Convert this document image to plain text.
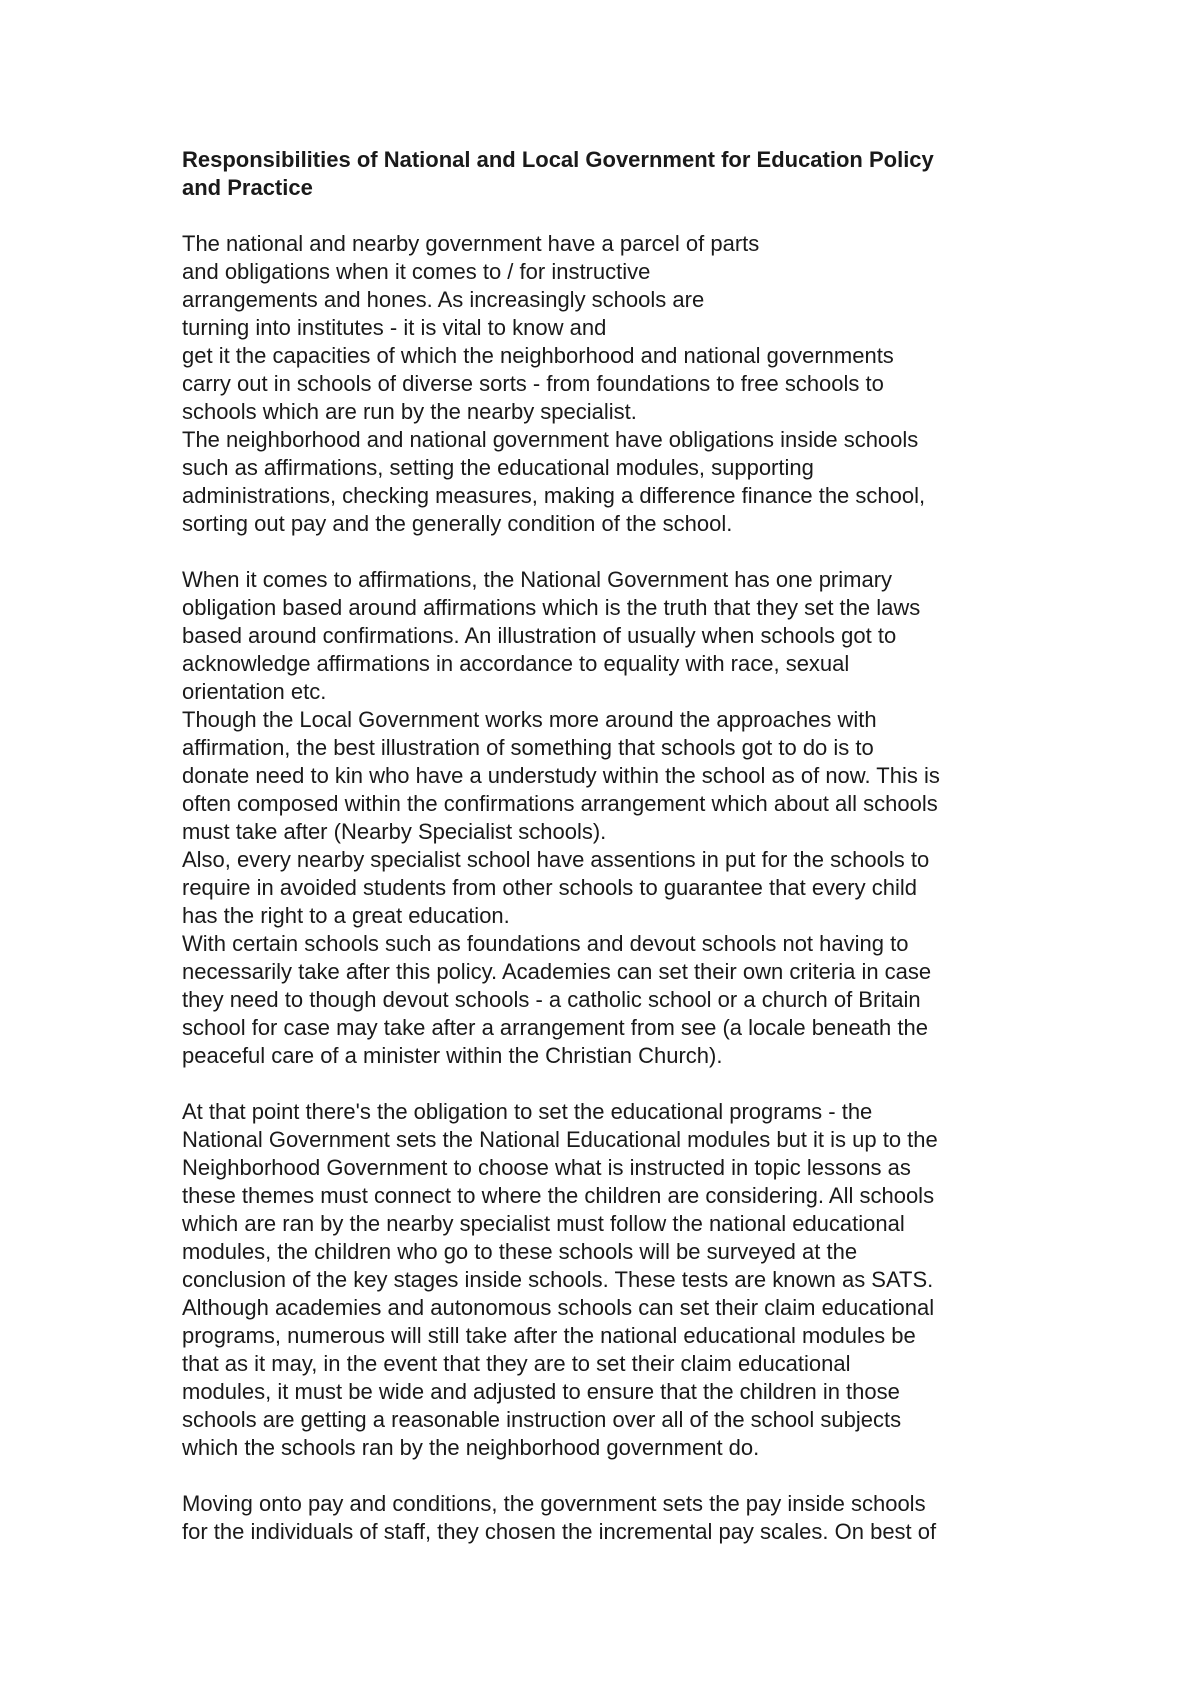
Responsibilities of National and Local Government for Education Policy
and Practice
The national and nearby government have a parcel of parts
and obligations when it comes to / for instructive
arrangements and hones. As increasingly schools are
turning into institutes - it is vital to know and
get it the capacities of which the neighborhood and national governments
carry out in schools of diverse sorts - from foundations to free schools to
schools which are run by the nearby specialist.
The neighborhood and national government have obligations inside schools
such as affirmations, setting the educational modules, supporting
administrations, checking measures, making a difference finance the school,
sorting out pay and the generally condition of the school.
When it comes to affirmations, the National Government has one primary
obligation based around affirmations which is the truth that they set the laws
based around confirmations. An illustration of usually when schools got to
acknowledge affirmations in accordance to equality with race, sexual
orientation etc.
Though the Local Government works more around the approaches with
affirmation, the best illustration of something that schools got to do is to
donate need to kin who have a understudy within the school as of now. This is
often composed within the confirmations arrangement which about all schools
must take after (Nearby Specialist schools).
Also, every nearby specialist school have assentions in put for the schools to
require in avoided students from other schools to guarantee that every child
has the right to a great education.
With certain schools such as foundations and devout schools not having to
necessarily take after this policy. Academies can set their own criteria in case
they need to though devout schools - a catholic school or a church of Britain
school for case may take after a arrangement from see (a locale beneath the
peaceful care of a minister within the Christian Church).
At that point there's the obligation to set the educational programs - the
National Government sets the National Educational modules but it is up to the
Neighborhood Government to choose what is instructed in topic lessons as
these themes must connect to where the children are considering. All schools
which are ran by the nearby specialist must follow the national educational
modules, the children who go to these schools will be surveyed at the
conclusion of the key stages inside schools. These tests are known as SATS.
Although academies and autonomous schools can set their claim educational
programs, numerous will still take after the national educational modules be
that as it may, in the event that they are to set their claim educational
modules, it must be wide and adjusted to ensure that the children in those
schools are getting a reasonable instruction over all of the school subjects
which the schools ran by the neighborhood government do.
Moving onto pay and conditions, the government sets the pay inside schools
for the individuals of staff, they chosen the incremental pay scales. On best of
